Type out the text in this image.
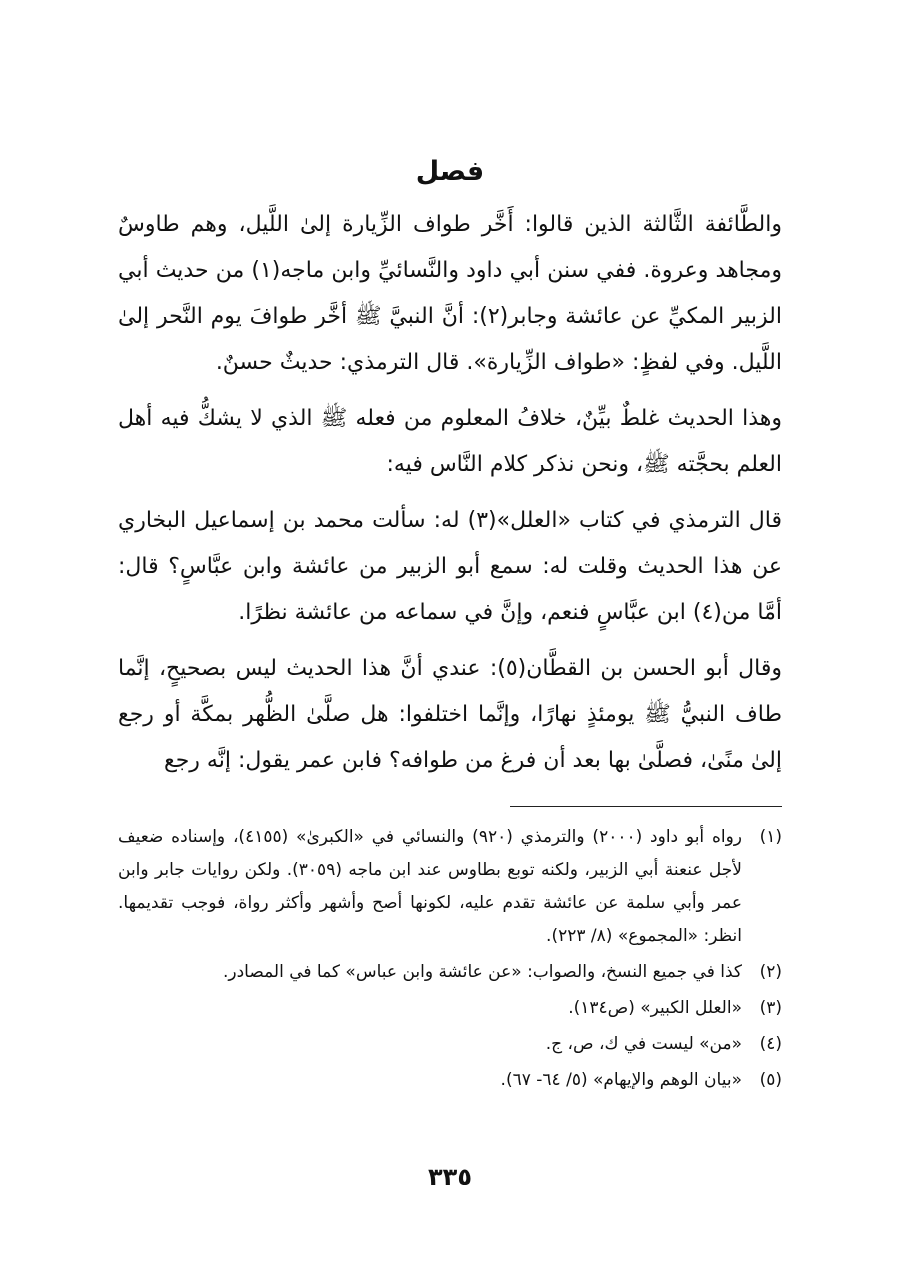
فصل

والطَّائفة الثَّالثة الذين قالوا: أَخَّر طواف الزِّيارة إلىٰ اللَّيل، وهم طاوسٌ ومجاهد وعروة. ففي سنن أبي داود والنَّسائيِّ وابن ماجه(١) من حديث أبي الزبير المكيِّ عن عائشة وجابر(٢): أنَّ النبيَّ ﷺ أخَّر طوافَ يوم النَّحر إلىٰ اللَّيل. وفي لفظٍ: «طواف الزِّيارة». قال الترمذي: حديثٌ حسنٌ.

وهذا الحديث غلطٌ بيِّنٌ، خلافُ المعلوم من فعله ﷺ الذي لا يشكُّ فيه أهل العلم بحجَّته ﷺ، ونحن نذكر كلام النَّاس فيه:

قال الترمذي في كتاب «العلل»(٣) له: سألت محمد بن إسماعيل البخاري عن هذا الحديث وقلت له: سمع أبو الزبير من عائشة وابن عبَّاسٍ؟ قال: أمَّا من(٤) ابن عبَّاسٍ فنعم، وإنَّ في سماعه من عائشة نظرًا.

وقال أبو الحسن بن القطَّان(٥): عندي أنَّ هذا الحديث ليس بصحيحٍ، إنَّما طاف النبيُّ ﷺ يومئذٍ نهارًا، وإنَّما اختلفوا: هل صلَّىٰ الظُّهر بمكَّة أو رجع إلىٰ منًىٰ، فصلَّىٰ بها بعد أن فرغ من طوافه؟ فابن عمر يقول: إنَّه رجع

(١)
رواه أبو داود (٢٠٠٠) والترمذي (٩٢٠) والنسائي في «الكبرىٰ» (٤١٥٥)، وإسناده ضعيف لأجل عنعنة أبي الزبير، ولكنه توبع بطاوس عند ابن ماجه (٣٠٥٩). ولكن روايات جابر وابن عمر وأبي سلمة عن عائشة تقدم عليه، لكونها أصح وأشهر وأكثر رواة، فوجب تقديمها. انظر: «المجموع» (٨/ ٢٢٣).
(٢)
كذا في جميع النسخ، والصواب: «عن عائشة وابن عباس» كما في المصادر.
(٣)
«العلل الكبير» (ص١٣٤).
(٤)
«من» ليست في ك، ص، ج.
(٥)
«بيان الوهم والإيهام» (٥/ ٦٤- ٦٧).
٣٣٥
